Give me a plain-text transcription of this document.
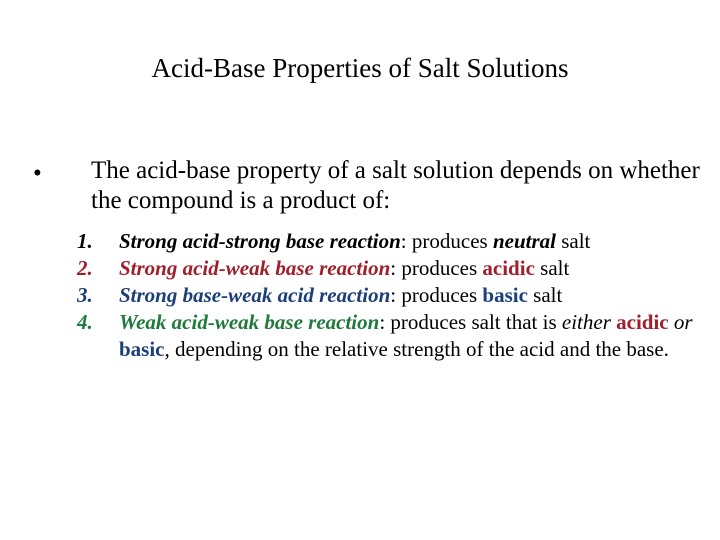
Acid-Base Properties of Salt Solutions
• The acid-base property of a salt solution depends on whether the compound is a product of:
1. Strong acid-strong base reaction: produces neutral salt
2. Strong acid-weak base reaction: produces acidic salt
3. Strong base-weak acid reaction: produces basic salt
4. Weak acid-weak base reaction: produces salt that is either acidic or basic, depending on the relative strength of the acid and the base.
